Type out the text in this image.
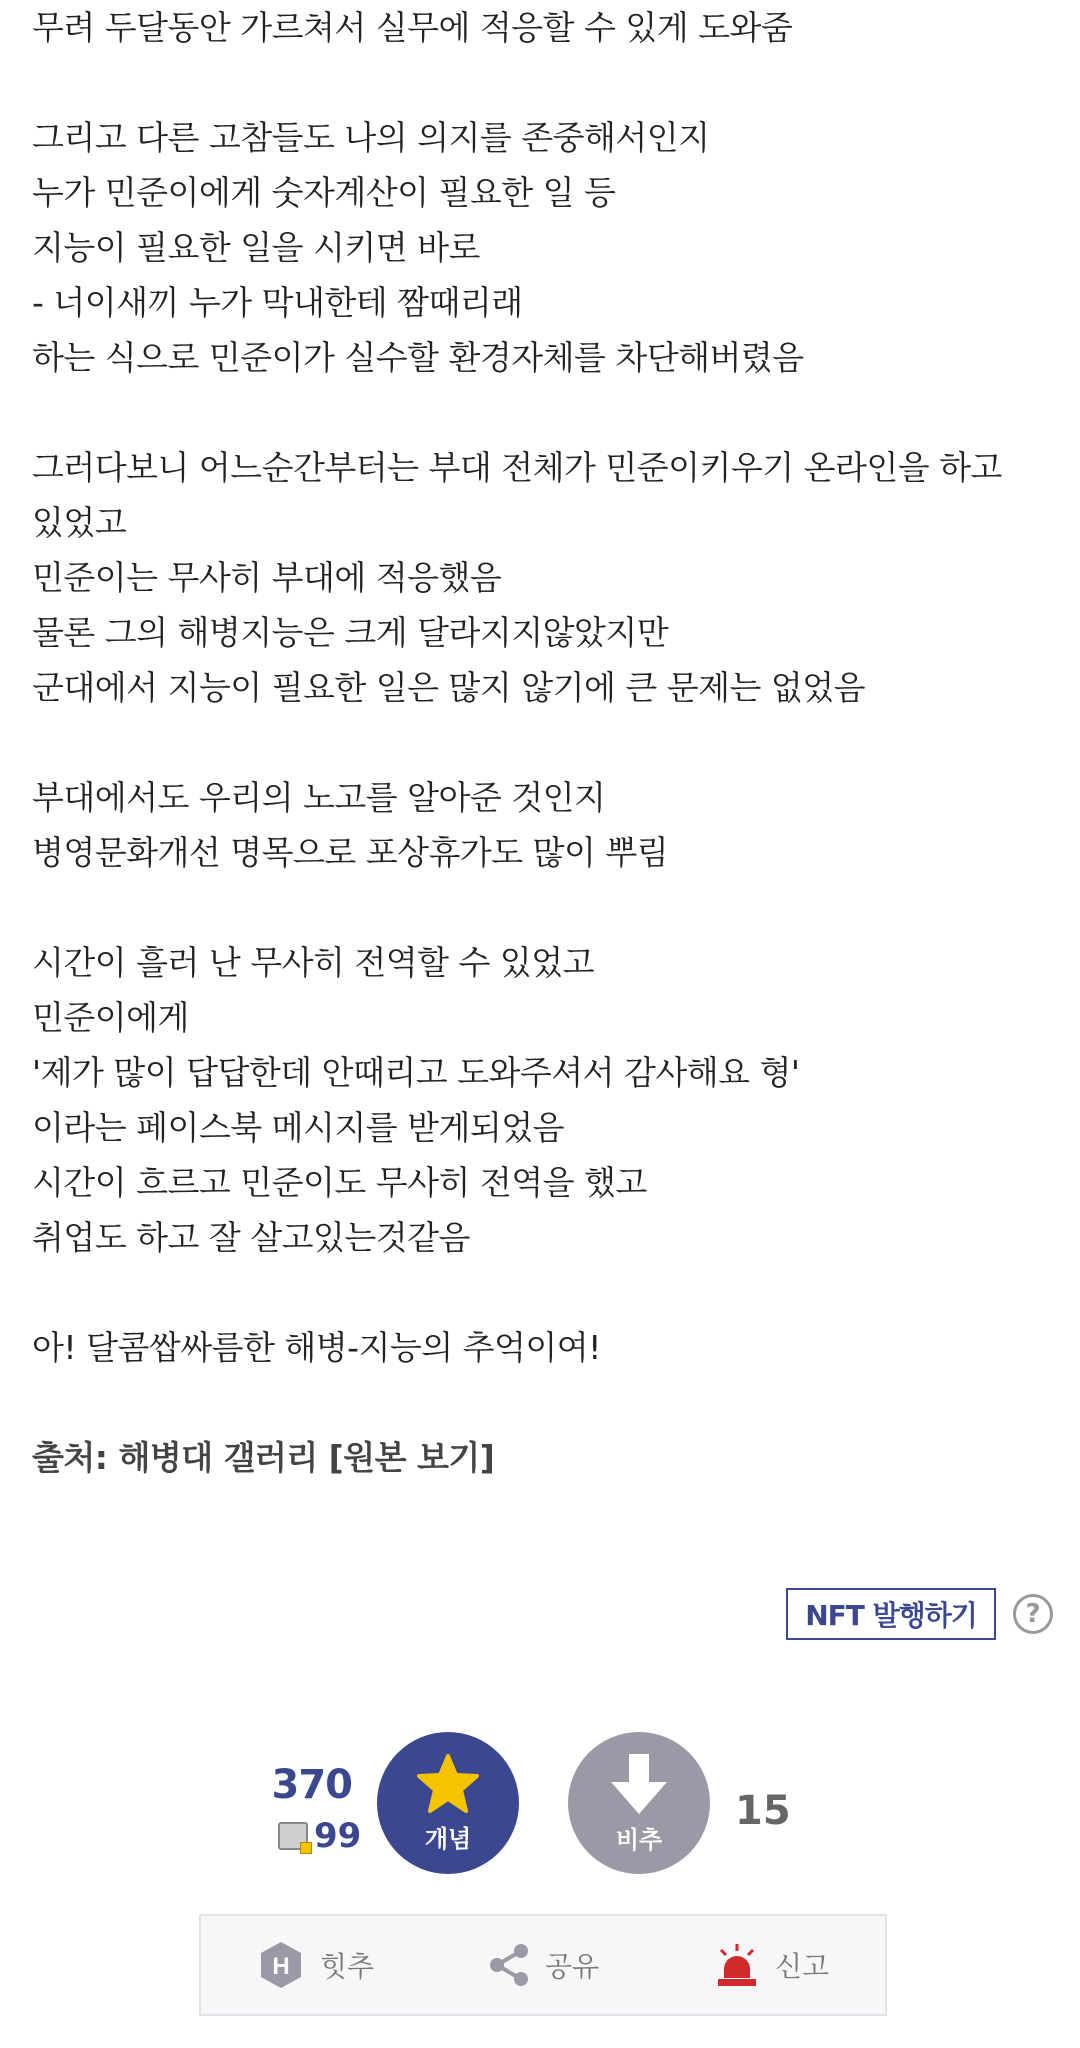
무려 두달동안 가르쳐서 실무에 적응할 수 있게 도와줌

그리고 다른 고참들도 나의 의지를 존중해서인지

누가 민준이에게 숫자계산이 필요한 일 등

지능이 필요한 일을 시키면 바로

- 너이새끼 누가 막내한테 짬때리래

하는 식으로 민준이가 실수할 환경자체를 차단해버렸음

그러다보니 어느순간부터는 부대 전체가 민준이키우기 온라인을 하고

있었고

민준이는 무사히 부대에 적응했음

물론 그의 해병지능은 크게 달라지지않았지만

군대에서 지능이 필요한 일은 많지 않기에 큰 문제는 없었음

부대에서도 우리의 노고를 알아준 것인지

병영문화개선 명목으로 포상휴가도 많이 뿌림

시간이 흘러 난 무사히 전역할 수 있었고

민준이에게

'제가 많이 답답한데 안때리고 도와주셔서 감사해요 형'

이라는 페이스북 메시지를 받게되었음

시간이 흐르고 민준이도 무사히 전역을 했고

취업도 하고 잘 살고있는것같음

아! 달콤쌉싸름한 해병-지능의 추억이여!

출처: 해병대 갤러리 [원본 보기]

NFT 발행하기	?
370
99	개념	비추
15
H 힛추	공유	신고
